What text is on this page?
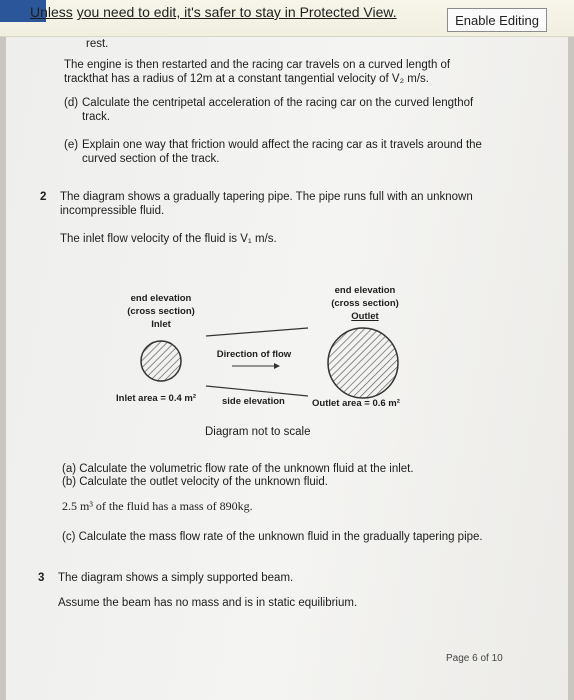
Unless you need to edit, it's safer to stay in Protected View.	Enable Editing
rest.
The engine is then restarted and the racing car travels on a curved length of
trackthat has a radius of 12m at a constant tangential velocity of V₂ m/s.
(d) Calculate the centripetal acceleration of the racing car on the curved lengthof
track.
(e) Explain one way that friction would affect the racing car as it travels around the
curved section of the track.
2 The diagram shows a gradually tapering pipe. The pipe runs full with an unknown
incompressible fluid.
The inlet flow velocity of the fluid is V₁ m/s.
end elevation
(cross section)
Inlet
end elevation
(cross section)
Outlet
Direction of flow
Inlet area = 0.4 m²	side elevation	Outlet area = 0.6 m²
Diagram not to scale
(a) Calculate the volumetric flow rate of the unknown fluid at the inlet.
(b) Calculate the outlet velocity of the unknown fluid.
2.5 m³ of the fluid has a mass of 890kg.
(c) Calculate the mass flow rate of the unknown fluid in the gradually tapering pipe.
3 The diagram shows a simply supported beam.
Assume the beam has no mass and is in static equilibrium.
Page 6 of 10
